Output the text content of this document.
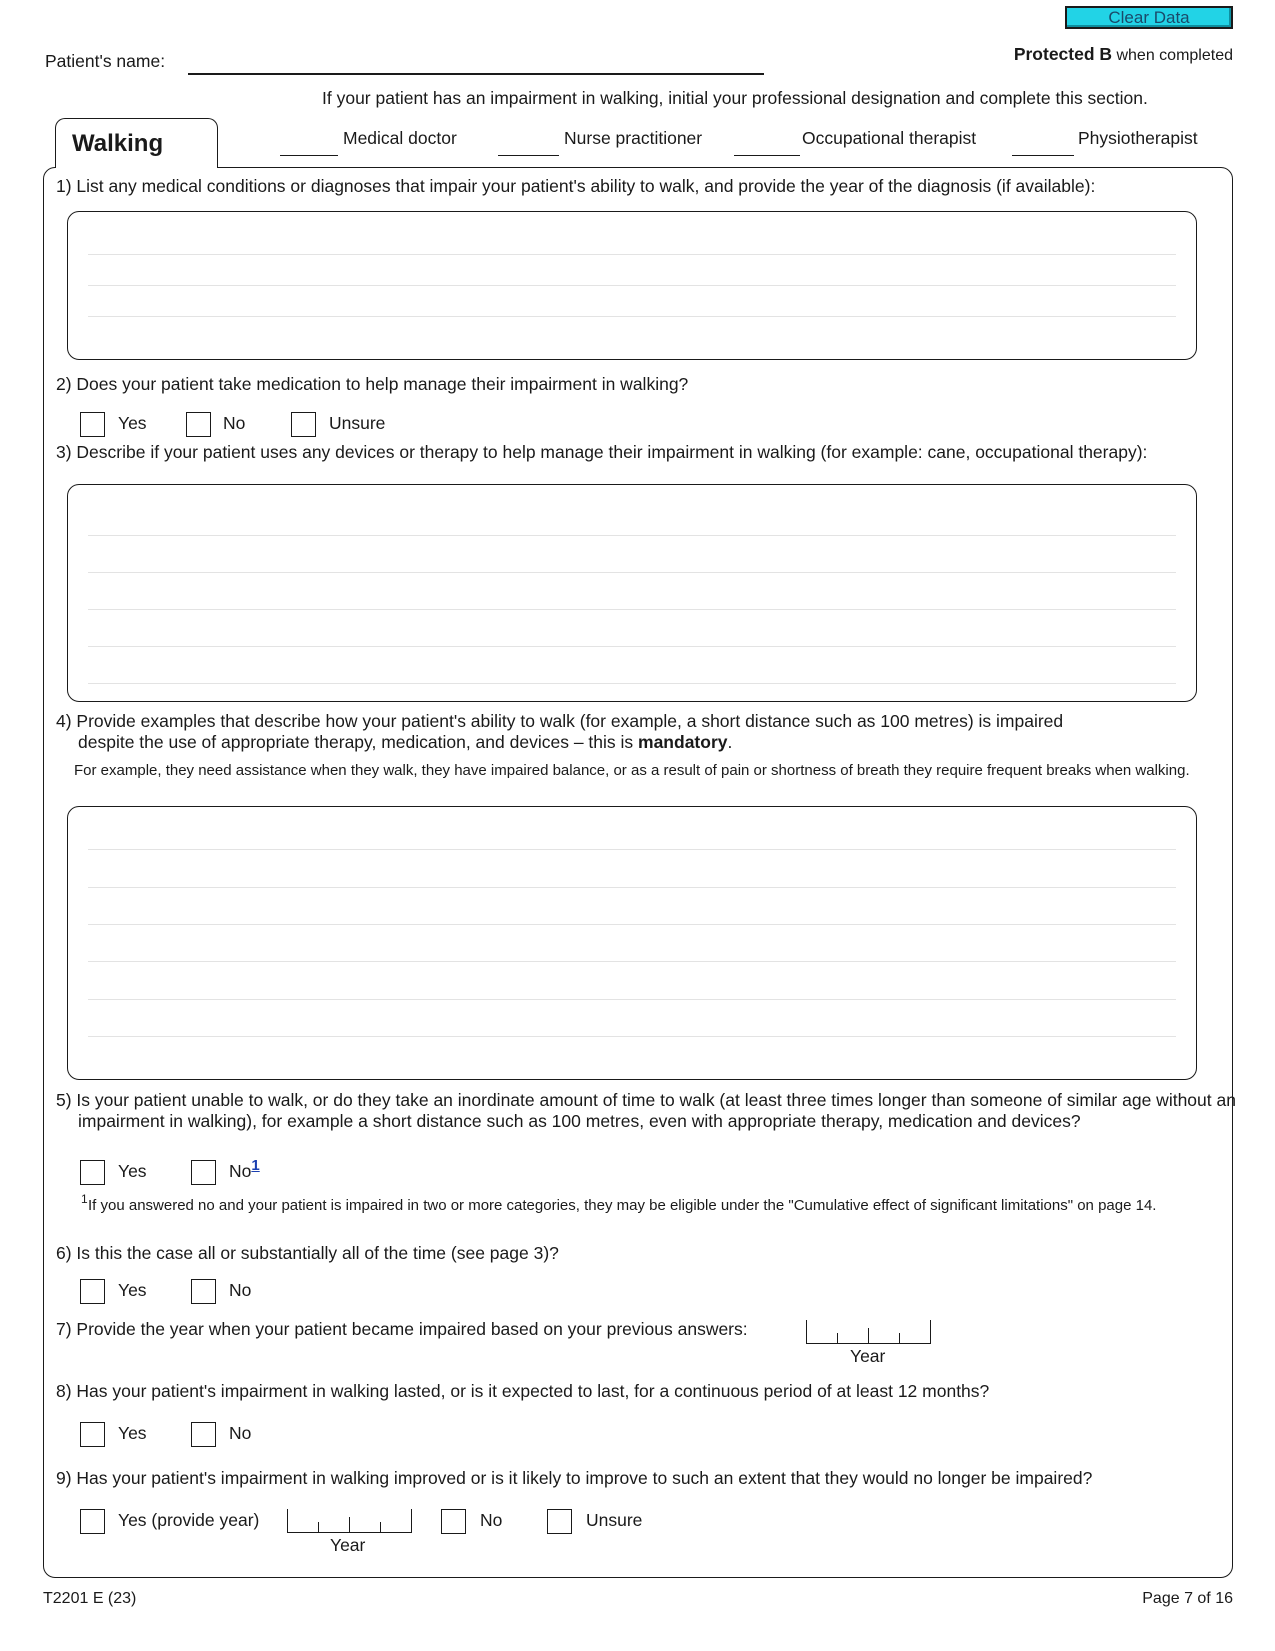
Clear Data
Patient's name:	Protected B when completed
If your patient has an impairment in walking, initial your professional designation and complete this section.
Walking	Medical doctor	Nurse practitioner	Occupational therapist	Physiotherapist
1) List any medical conditions or diagnoses that impair your patient's ability to walk, and provide the year of the diagnosis (if available):
2) Does your patient take medication to help manage their impairment in walking?
Yes	No	Unsure
3) Describe if your patient uses any devices or therapy to help manage their impairment in walking (for example: cane, occupational therapy):
4) Provide examples that describe how your patient's ability to walk (for example, a short distance such as 100 metres) is impaired
despite the use of appropriate therapy, medication, and devices – this is mandatory.
For example, they need assistance when they walk, they have impaired balance, or as a result of pain or shortness of breath they require frequent breaks when walking.
5) Is your patient unable to walk, or do they take an inordinate amount of time to walk (at least three times longer than someone of similar age without an impairment in walking), for example a short distance such as 100 metres, even with appropriate therapy, medication and devices?
Yes	No1
$^1$ If you answered no and your patient is impaired in two or more categories, they may be eligible under the "Cumulative effect of significant limitations" on page 14.
6) Is this the case all or substantially all of the time (see page 3)?
Yes	No
7) Provide the year when your patient became impaired based on your previous answers:
Year
8) Has your patient's impairment in walking lasted, or is it expected to last, for a continuous period of at least 12 months?
Yes	No
9) Has your patient's impairment in walking improved or is it likely to improve to such an extent that they would no longer be impaired?
Yes (provide year)
Year
No	Unsure
T2201 E (23)	Page 7 of 16
